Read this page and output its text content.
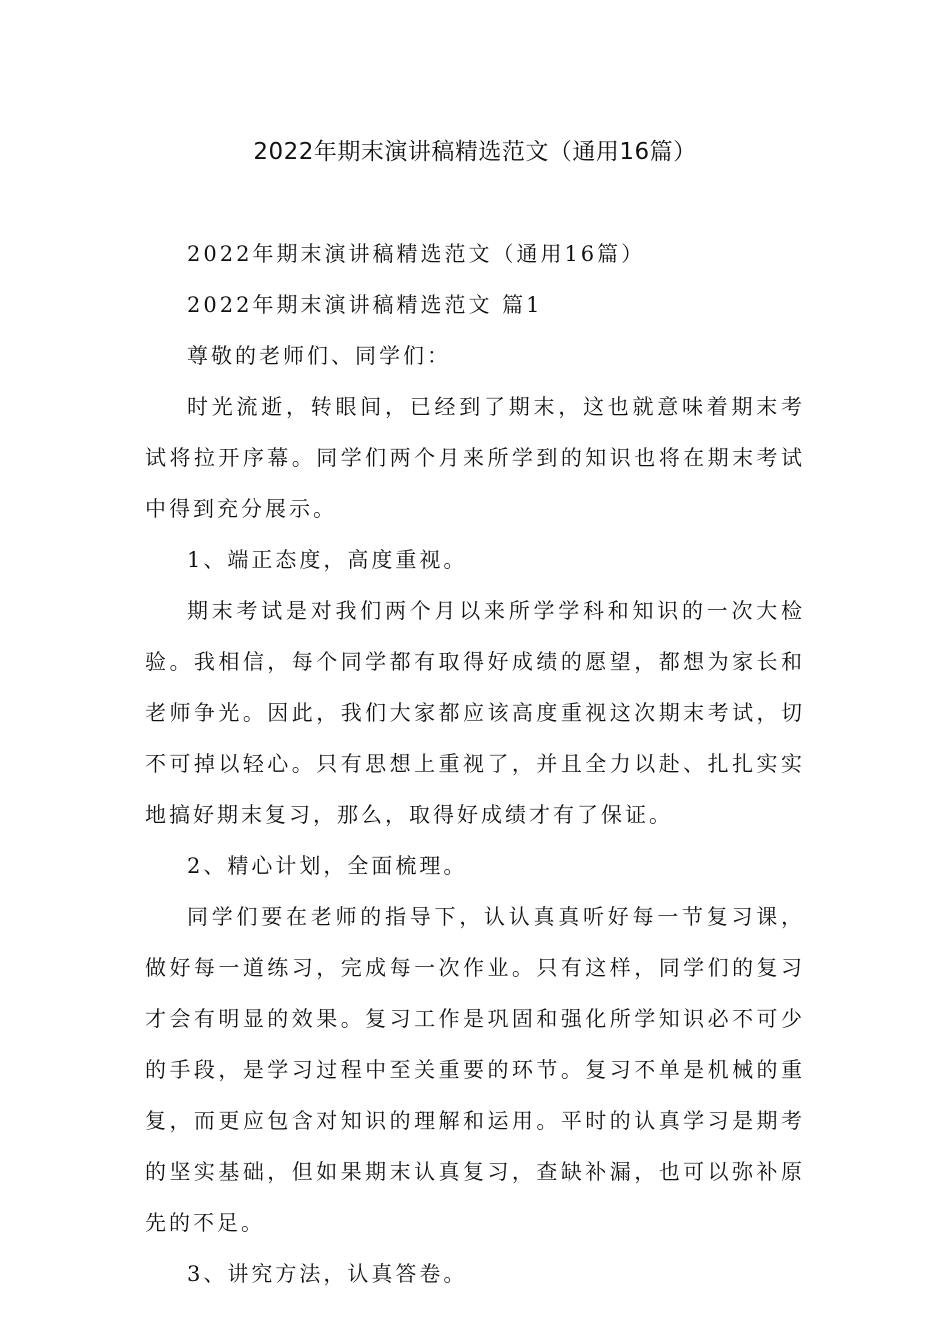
2022年期末演讲稿精选范文（通用16篇）

2022年期末演讲稿精选范文（通用16篇）

2022年期末演讲稿精选范文 篇1

尊敬的老师们、同学们：

时光流逝，转眼间，已经到了期末，这也就意味着期末考试将拉开序幕。同学们两个月来所学到的知识也将在期末考试中得到充分展示。

1、端正态度，高度重视。

期末考试是对我们两个月以来所学学科和知识的一次大检验。我相信，每个同学都有取得好成绩的愿望，都想为家长和老师争光。因此，我们大家都应该高度重视这次期末考试，切不可掉以轻心。只有思想上重视了，并且全力以赴、扎扎实实地搞好期末复习，那么，取得好成绩才有了保证。

2、精心计划，全面梳理。

同学们要在老师的指导下，认认真真听好每一节复习课，做好每一道练习，完成每一次作业。只有这样，同学们的复习才会有明显的效果。复习工作是巩固和强化所学知识必不可少的手段，是学习过程中至关重要的环节。复习不单是机械的重复，而更应包含对知识的理解和运用。平时的认真学习是期考的坚实基础，但如果期末认真复习，查缺补漏，也可以弥补原先的不足。

3、讲究方法，认真答卷。
